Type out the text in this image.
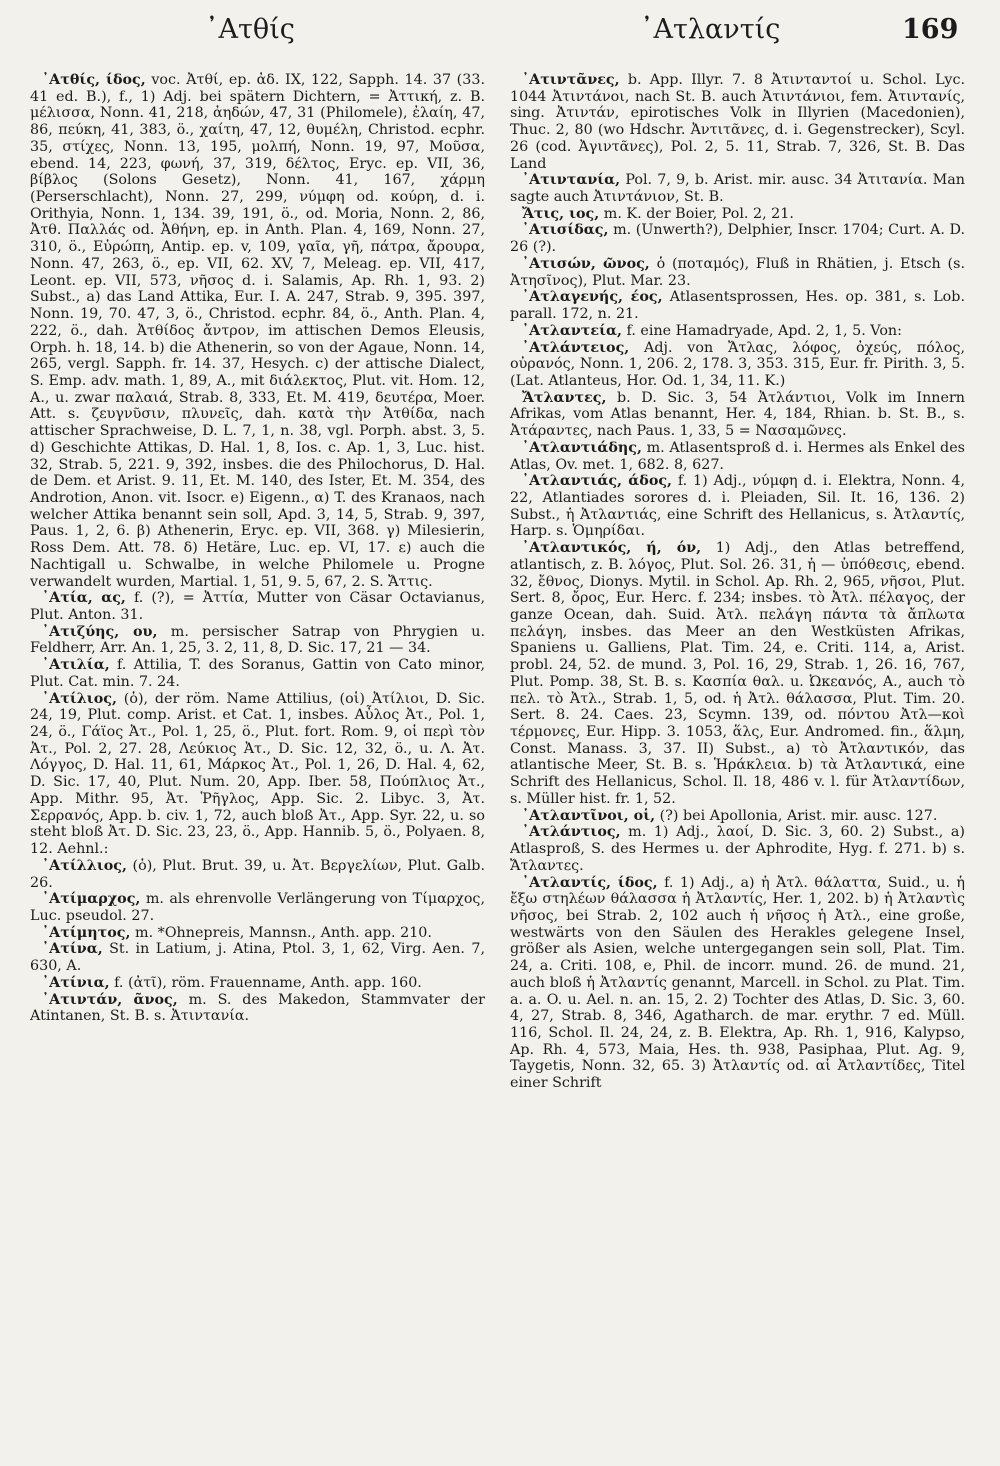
᾿Ατθίς	᾿Ατλαντίς	169

᾿Ατθίς, ίδος, voc. Ἀτθί, ep. ἀδ. IX, 122, Sapph. 14. 37 (33. 41 ed. B.), f., 1) Adj. bei spätern Dichtern, = Ἀττική, z. B. μέλισσα, Nonn. 41, 218, ἀηδών, 47, 31 (Philomele), ἐλαίη, 47, 86, πεύκη, 41, 383, ö., χαίτη, 47, 12, θυμέλη, Christod. ecphr. 35, στίχες, Nonn. 13, 195, μολπή, Nonn. 19, 97, Μοῦσα, ebend. 14, 223, φωνή, 37, 319, δέλτος, Eryc. ep. VII, 36, βίβλος (Solons Gesetz), Nonn. 41, 167, χάρμη (Perserschlacht), Nonn. 27, 299, νύμφη od. κούρη, d. i. Orithyia, Nonn. 1, 134. 39, 191, ö., od. Moria, Nonn. 2, 86, Ἀτθ. Παλλάς od. Ἀθήνη, ep. in Anth. Plan. 4, 169, Nonn. 27, 310, ö., Εὐρώπη, Antip. ep. v, 109, γαῖα, γῆ, πάτρα, ἄρουρα, Nonn. 47, 263, ö., ep. VII, 62. XV, 7, Meleag. ep. VII, 417, Leont. ep. VII, 573, νῆσος d. i. Salamis, Ap. Rh. 1, 93. 2) Subst., a) das Land Attika, Eur. I. A. 247, Strab. 9, 395. 397, Nonn. 19, 70. 47, 3, ö., Christod. ecphr. 84, ö., Anth. Plan. 4, 222, ö., dah. Ἀτθίδος ἄντρον, im attischen Demos Eleusis, Orph. h. 18, 14. b) die Athenerin, so von der Agaue, Nonn. 14, 265, vergl. Sapph. fr. 14. 37, Hesych. c) der attische Dialect, S. Emp. adv. math. 1, 89, A., mit διάλεκτος, Plut. vit. Hom. 12, A., u. zwar παλαιά, Strab. 8, 333, Et. M. 419, δευτέρα, Moer. Att. s. ζευγνῦσιν, πλυνεῖς, dah. κατὰ τὴν Ἀτθίδα, nach attischer Sprachweise, D. L. 7, 1, n. 38, vgl. Porph. abst. 3, 5. d) Geschichte Attikas, D. Hal. 1, 8, Ios. c. Ap. 1, 3, Luc. hist. 32, Strab. 5, 221. 9, 392, insbes. die des Philochorus, D. Hal. de Dem. et Arist. 9. 11, Et. M. 140, des Ister, Et. M. 354, des Androtion, Anon. vit. Isocr. e) Eigenn., α) T. des Kranaos, nach welcher Attika benannt sein soll, Apd. 3, 14, 5, Strab. 9, 397, Paus. 1, 2, 6. β) Athenerin, Eryc. ep. VII, 368. γ) Milesierin, Ross Dem. Att. 78. δ) Hetäre, Luc. ep. VI, 17. ε) auch die Nachtigall u. Schwalbe, in welche Philomele u. Progne verwandelt wurden, Martial. 1, 51, 9. 5, 67, 2. S. Ἄττις.

᾿Ατία, ας, f. (?), = Ἀττία, Mutter von Cäsar Octavianus, Plut. Anton. 31.

᾿Ατιζύης, ου, m. persischer Satrap von Phrygien u. Feldherr, Arr. An. 1, 25, 3. 2, 11, 8, D. Sic. 17, 21 — 34.

᾿Ατιλία, f. Attilia, T. des Soranus, Gattin von Cato minor, Plut. Cat. min. 7. 24.

᾿Ατίλιος, (ὁ), der röm. Name Attilius, (οἱ) Ἀτίλιοι, D. Sic. 24, 19, Plut. comp. Arist. et Cat. 1, insbes. Αὖλος Ἀτ., Pol. 1, 24, ö., Γάϊος Ἀτ., Pol. 1, 25, ö., Plut. fort. Rom. 9, οἱ περὶ τὸν Ἀτ., Pol. 2, 27. 28, Λεύκιος Ἀτ., D. Sic. 12, 32, ö., u. Λ. Ἀτ. Λόγγος, D. Hal. 11, 61, Μάρκος Ἀτ., Pol. 1, 26, D. Hal. 4, 62, D. Sic. 17, 40, Plut. Num. 20, App. Iber. 58, Πούπλιος Ἀτ., App. Mithr. 95, Ἀτ. Ῥῆγλος, App. Sic. 2. Libyc. 3, Ἀτ. Σερρανός, App. b. civ. 1, 72, auch bloß Ἀτ., App. Syr. 22, u. so steht bloß Ἀτ. D. Sic. 23, 23, ö., App. Hannib. 5, ö., Polyaen. 8, 12. Aehnl.:

᾿Ατίλλιος, (ὁ), Plut. Brut. 39, u. Ἀτ. Βεργελίων, Plut. Galb. 26.

᾿Ατίμαρχος, m. als ehrenvolle Verlängerung von Τίμαρχος, Luc. pseudol. 27.

᾿Ατίμητος, m. *Ohnepreis, Mannsn., Anth. app. 210.

᾿Ατίνα, St. in Latium, j. Atina, Ptol. 3, 1, 62, Virg. Aen. 7, 630, A.

᾿Ατίνια, f. (ἀτῖ), röm. Frauenname, Anth. app. 160.

᾿Ατιντάν, ᾶνος, m. S. des Makedon, Stammvater der Atintanen, St. B. s. Ἀτιντανία.

᾿Ατιντᾶνες, b. App. Illyr. 7. 8 Ἀτινταντοί u. Schol. Lyc. 1044 Ἀτιντάνοι, nach St. B. auch Ἀτιντάνιοι, fem. Ἀτιντανίς, sing. Ἀτιντάν, epirotisches Volk in Illyrien (Macedonien), Thuc. 2, 80 (wo Hdschr. Ἀντιτᾶνες, d. i. Gegenstrecker), Scyl. 26 (cod. Ἀγιντᾶνες), Pol. 2, 5. 11, Strab. 7, 326, St. B. Das Land

᾿Ατιντανία, Pol. 7, 9, b. Arist. mir. ausc. 34 Ἀτιτανία. Man sagte auch Ἀτιντάνιον, St. B.

Ἄτις, ιος, m. K. der Boier, Pol. 2, 21.

᾿Ατισίδας, m. (Unwerth?), Delphier, Inscr. 1704; Curt. A. D. 26 (?).

᾿Ατισών, ῶνος, ὁ (ποταμός), Fluß in Rhätien, j. Etsch (s. Ἀτησῖνος), Plut. Mar. 23.

᾿Ατλαγενής, έος, Atlasentsprossen, Hes. op. 381, s. Lob. parall. 172, n. 21.

᾿Ατλαντεία, f. eine Hamadryade, Apd. 2, 1, 5. Von:

᾿Ατλάντειος, Adj. von Ἄτλας, λόφος, ὀχεύς, πόλος, οὐρανός, Nonn. 1, 206. 2, 178. 3, 353. 315, Eur. fr. Pirith. 3, 5. (Lat. Atlanteus, Hor. Od. 1, 34, 11. K.)

Ἄτλαντες, b. D. Sic. 3, 54 Ἀτλάντιοι, Volk im Innern Afrikas, vom Atlas benannt, Her. 4, 184, Rhian. b. St. B., s. Ἀτάραντες, nach Paus. 1, 33, 5 = Νασαμῶνες.

᾿Ατλαντιάδης, m. Atlasentsproß d. i. Hermes als Enkel des Atlas, Ov. met. 1, 682. 8, 627.

᾿Ατλαντιάς, άδος, f. 1) Adj., νύμφη d. i. Elektra, Nonn. 4, 22, Atlantiades sorores d. i. Pleiaden, Sil. It. 16, 136. 2) Subst., ἡ Ἀτλαντιάς, eine Schrift des Hellanicus, s. Ἀτλαντίς, Harp. s. Ὁμηρίδαι.

᾿Ατλαντικός, ή, όν, 1) Adj., den Atlas betreffend, atlantisch, z. B. λόγος, Plut. Sol. 26. 31, ἡ — ὑπόθεσις, ebend. 32, ἔθνος, Dionys. Mytil. in Schol. Ap. Rh. 2, 965, νῆσοι, Plut. Sert. 8, ὄρος, Eur. Herc. f. 234; insbes. τὸ Ἀτλ. πέλαγος, der ganze Ocean, dah. Suid. Ἀτλ. πελάγη πάντα τὰ ἄπλωτα πελάγη, insbes. das Meer an den Westküsten Afrikas, Spaniens u. Galliens, Plat. Tim. 24, e. Criti. 114, a, Arist. probl. 24, 52. de mund. 3, Pol. 16, 29, Strab. 1, 26. 16, 767, Plut. Pomp. 38, St. B. s. Κασπία θαλ. u. Ὠκεανός, A., auch τὸ πελ. τὸ Ἀτλ., Strab. 1, 5, od. ἡ Ἀτλ. θάλασσα, Plut. Tim. 20. Sert. 8. 24. Caes. 23, Scymn. 139, od. πόντου Ἀτλ—κοὶ τέρμονες, Eur. Hipp. 3. 1053, ἅλς, Eur. Andromed. fin., ἅλμη, Const. Manass. 3, 37. II) Subst., a) τὸ Ἀτλαντικόν, das atlantische Meer, St. B. s. Ἡράκλεια. b) τὰ Ἀτλαντικά, eine Schrift des Hellanicus, Schol. Il. 18, 486 v. l. für Ἀτλαντίδων, s. Müller hist. fr. 1, 52.

᾿Ατλαντῖνοι, οἱ, (?) bei Apollonia, Arist. mir. ausc. 127.

᾿Ατλάντιος, m. 1) Adj., λαοί, D. Sic. 3, 60. 2) Subst., a) Atlasproß, S. des Hermes u. der Aphrodite, Hyg. f. 271. b) s. Ἄτλαντες.

᾿Ατλαντίς, ίδος, f. 1) Adj., a) ἡ Ἀτλ. θάλαττα, Suid., u. ἡ ἔξω στηλέων θάλασσα ἡ Ἀτλαντίς, Her. 1, 202. b) ἡ Ἀτλαντὶς νῆσος, bei Strab. 2, 102 auch ἡ νῆσος ἡ Ἀτλ., eine große, westwärts von den Säulen des Herakles gelegene Insel, größer als Asien, welche untergegangen sein soll, Plat. Tim. 24, a. Criti. 108, e, Phil. de incorr. mund. 26. de mund. 21, auch bloß ἡ Ἀτλαντίς genannt, Marcell. in Schol. zu Plat. Tim. a. a. O. u. Ael. n. an. 15, 2. 2) Tochter des Atlas, D. Sic. 3, 60. 4, 27, Strab. 8, 346, Agatharch. de mar. erythr. 7 ed. Müll. 116, Schol. Il. 24, 24, z. B. Elektra, Ap. Rh. 1, 916, Kalypso, Ap. Rh. 4, 573, Maia, Hes. th. 938, Pasiphaa, Plut. Ag. 9, Taygetis, Nonn. 32, 65. 3) Ἀτλαντίς od. αἱ Ἀτλαντίδες, Titel einer Schrift
